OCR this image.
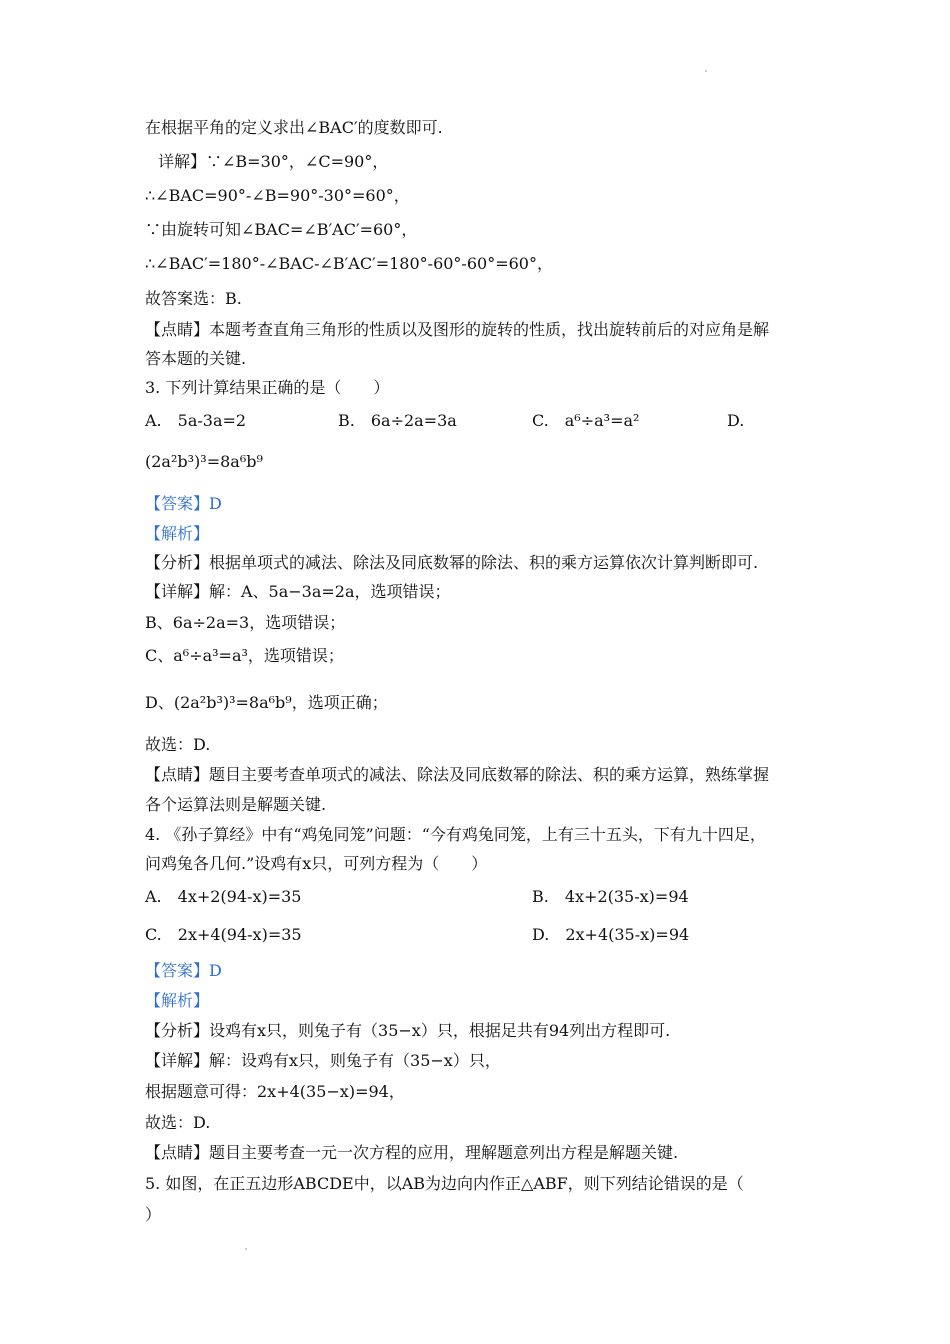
在根据平角的定义求出∠BAC′的度数即可.
详解】∵∠B=30°，∠C=90°，
∴∠BAC=90°-∠B=90°-30°=60°，
∵由旋转可知∠BAC=∠B′AC′=60°，
∴∠BAC′=180°-∠BAC-∠B′AC′=180°-60°-60°=60°，
故答案选：B.
【点睛】本题考查直角三角形的性质以及图形的旋转的性质，找出旋转前后的对应角是解
答本题的关键.
3. 下列计算结果正确的是（　　）
A.　5a-3a=2	B.　6a÷2a=3a	C.　a⁶÷a³=a²	D.
(2a²b³)³=8a⁶b⁹
【答案】D
【解析】
【分析】根据单项式的减法、除法及同底数幂的除法、积的乘方运算依次计算判断即可.
【详解】解：A、5a−3a=2a，选项错误；
B、6a÷2a=3，选项错误；
C、a⁶÷a³=a³，选项错误；
D、(2a²b³)³=8a⁶b⁹，选项正确；
故选：D.
【点睛】题目主要考查单项式的减法、除法及同底数幂的除法、积的乘方运算，熟练掌握
各个运算法则是解题关键.
4. 《孙子算经》中有“鸡兔同笼”问题：“今有鸡兔同笼，上有三十五头，下有九十四足，
问鸡兔各几何.”设鸡有x只，可列方程为（　　）
A.　4x+2(94-x)=35	B.　4x+2(35-x)=94
C.　2x+4(94-x)=35	D.　2x+4(35-x)=94
【答案】D
【解析】
【分析】设鸡有x只，则兔子有（35−x）只，根据足共有94列出方程即可.
【详解】解：设鸡有x只，则兔子有（35−x）只，
根据题意可得：2x+4(35−x)=94，
故选：D.
【点睛】题目主要考查一元一次方程的应用，理解题意列出方程是解题关键.
5. 如图，在正五边形ABCDE中，以AB为边向内作正△ABF，则下列结论错误的是（
）
